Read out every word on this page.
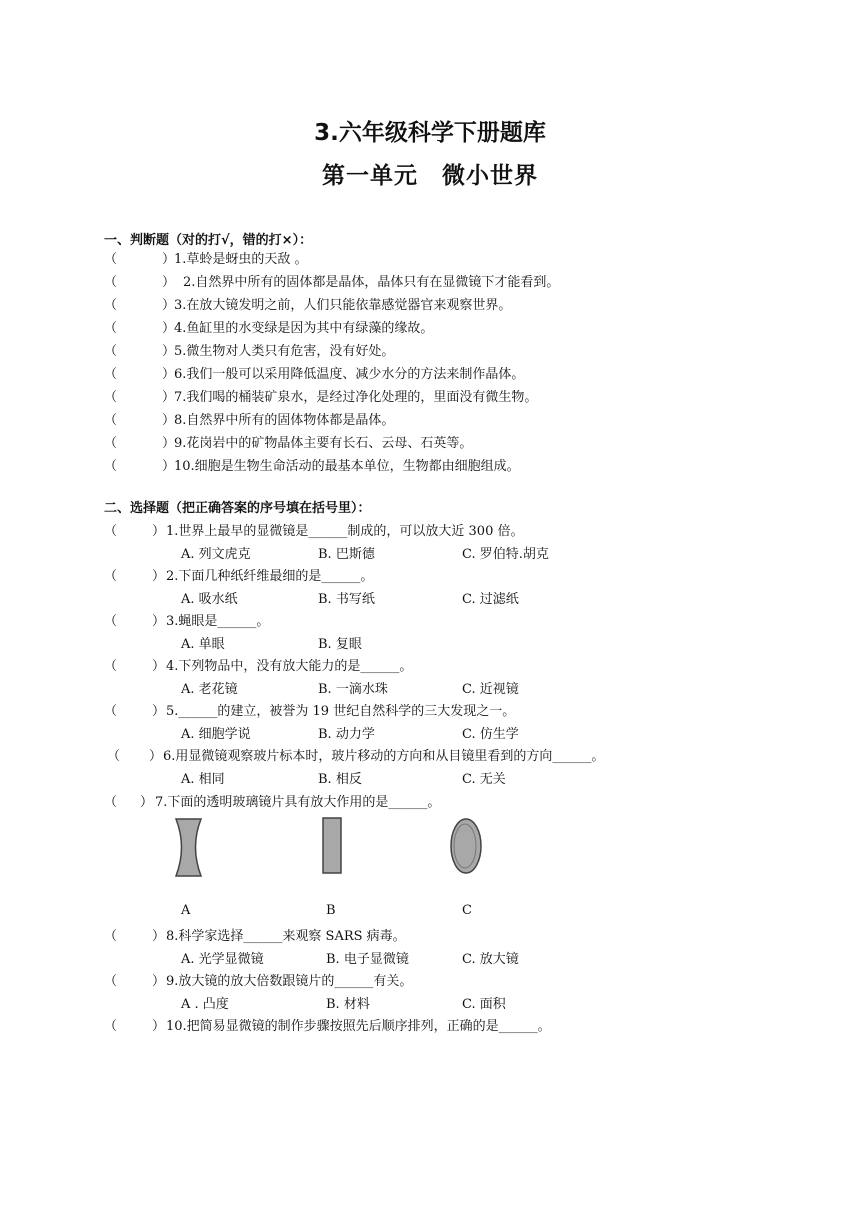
3.六年级科学下册题库
第一单元　微小世界
一、判断题（对的打√，错的打×）：
（	）
1.草蛉是蚜虫的天敌 。
（	） 2.自然界中所有的固体都是晶体，晶体只有在显微镜下才能看到。
（	）
3.在放大镜发明之前，人们只能依靠感觉器官来观察世界。
（	）
4.鱼缸里的水变绿是因为其中有绿藻的缘故。
（	）
5.微生物对人类只有危害，没有好处。
（	）
6.我们一般可以采用降低温度、减少水分的方法来制作晶体。
（	）
7.我们喝的桶装矿泉水，是经过净化处理的，里面没有微生物。
（	）
8.自然界中所有的固体物体都是晶体。
（	）
9.花岗岩中的矿物晶体主要有长石、云母、石英等。
（	）
10.细胞是生物生命活动的最基本单位，生物都由细胞组成。
二、选择题（把正确答案的序号填在括号里）：
（	） 1.世界上最早的显微镜是______制成的，可以放大近 300 倍。
A. 列文虎克	B. 巴斯德	C. 罗伯特.胡克
（	） 2.下面几种纸纤维最细的是______。
A. 吸水纸	B. 书写纸	C. 过滤纸
（	） 3.蝇眼是______。
A. 单眼	B. 复眼
（	） 4.下列物品中，没有放大能力的是______。
A. 老花镜	B. 一滴水珠	C. 近视镜
（	） 5.______的建立，被誉为 19 世纪自然科学的三大发现之一。
A. 细胞学说	B. 动力学	C. 仿生学
（ ） 6.用显微镜观察玻片标本时，玻片移动的方向和从目镜里看到的方向______。
A. 相同	B. 相反	C. 无关
（ ） 7.下面的透明玻璃镜片具有放大作用的是______。
A	B	C
（	） 8.科学家选择______来观察 SARS 病毒。
A. 光学显微镜	B. 电子显微镜	C. 放大镜
（	） 9.放大镜的放大倍数跟镜片的______有关。
A . 凸度	B. 材料	C. 面积
（	） 10.把简易显微镜的制作步骤按照先后顺序排列，正确的是______。
